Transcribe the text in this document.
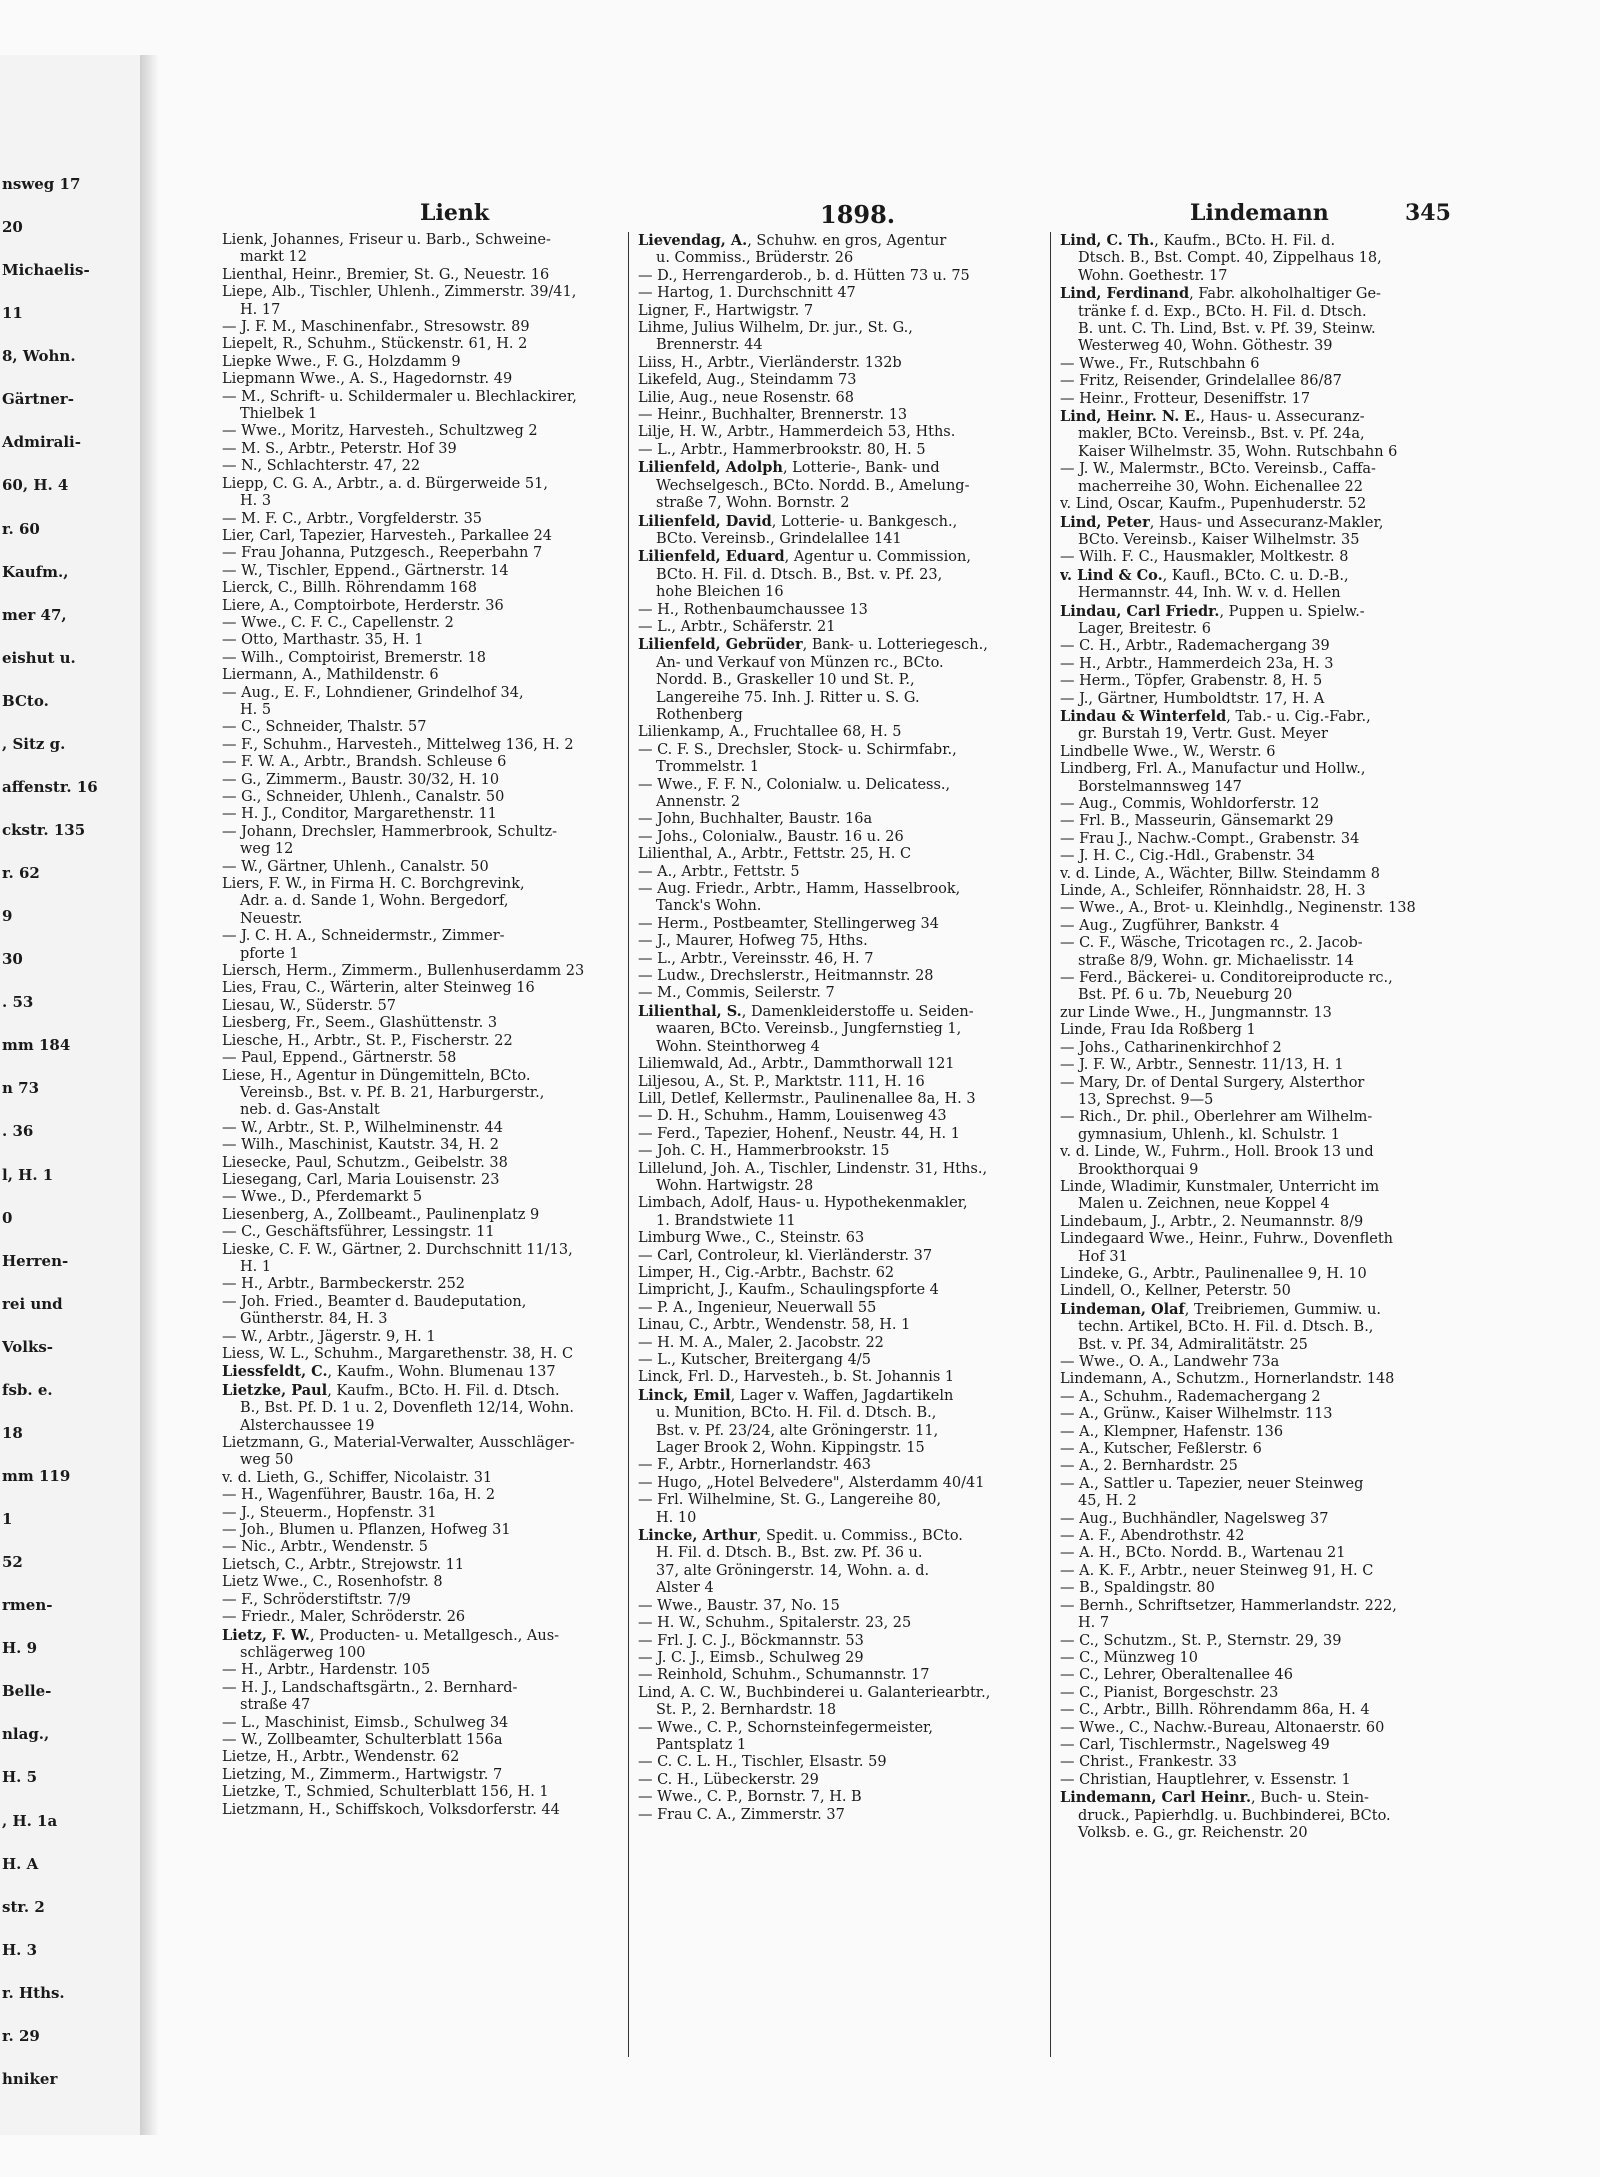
nsweg 17
20
Michaelis-
11
8, Wohn.
Gärtner-
Admirali-
60, H. 4
r. 60
Kaufm.,
mer 47,
eishut u.
BCto.
, Sitz g.
affenstr. 16
ckstr. 135
r. 62
9
30
. 53
mm 184
n 73
. 36
l, H. 1
0
Herren-
rei und
Volks-
fsb. e.
18
mm 119
1
52
rmen-
H. 9
Belle-
nlag.,
H. 5
, H. 1a
H. A
str. 2
H. 3
r. Hths.
r. 29
hniker
Lienk	1898.	Lindemann	345
Lienk, Johannes, Friseur u. Barb., Schweine-
markt 12
Lienthal, Heinr., Bremier, St. G., Neuestr. 16
Liepe, Alb., Tischler, Uhlenh., Zimmerstr. 39/41,
H. 17
— J. F. M., Maschinenfabr., Stresowstr. 89
Liepelt, R., Schuhm., Stückenstr. 61, H. 2
Liepke Wwe., F. G., Holzdamm 9
Liepmann Wwe., A. S., Hagedornstr. 49
— M., Schrift- u. Schildermaler u. Blechlackirer,
Thielbek 1
— Wwe., Moritz, Harvesteh., Schultzweg 2
— M. S., Arbtr., Peterstr. Hof 39
— N., Schlachterstr. 47, 22
Liepp, C. G. A., Arbtr., a. d. Bürgerweide 51,
H. 3
— M. F. C., Arbtr., Vorgfelderstr. 35
Lier, Carl, Tapezier, Harvesteh., Parkallee 24
— Frau Johanna, Putzgesch., Reeperbahn 7
— W., Tischler, Eppend., Gärtnerstr. 14
Lierck, C., Billh. Röhrendamm 168
Liere, A., Comptoirbote, Herderstr. 36
— Wwe., C. F. C., Capellenstr. 2
— Otto, Marthastr. 35, H. 1
— Wilh., Comptoirist, Bremerstr. 18
Liermann, A., Mathildenstr. 6
— Aug., E. F., Lohndiener, Grindelhof 34,
H. 5
— C., Schneider, Thalstr. 57
— F., Schuhm., Harvesteh., Mittelweg 136, H. 2
— F. W. A., Arbtr., Brandsh. Schleuse 6
— G., Zimmerm., Baustr. 30/32, H. 10
— G., Schneider, Uhlenh., Canalstr. 50
— H. J., Conditor, Margarethenstr. 11
— Johann, Drechsler, Hammerbrook, Schultz-
weg 12
— W., Gärtner, Uhlenh., Canalstr. 50
Liers, F. W., in Firma H. C. Borchgrevink,
Adr. a. d. Sande 1, Wohn. Bergedorf,
Neuestr.
— J. C. H. A., Schneidermstr., Zimmer-
pforte 1
Liersch, Herm., Zimmerm., Bullenhuserdamm 23
Lies, Frau, C., Wärterin, alter Steinweg 16
Liesau, W., Süderstr. 57
Liesberg, Fr., Seem., Glashüttenstr. 3
Liesche, H., Arbtr., St. P., Fischerstr. 22
— Paul, Eppend., Gärtnerstr. 58
Liese, H., Agentur in Düngemitteln, BCto.
Vereinsb., Bst. v. Pf. B. 21, Harburgerstr.,
neb. d. Gas-Anstalt
— W., Arbtr., St. P., Wilhelminenstr. 44
— Wilh., Maschinist, Kautstr. 34, H. 2
Liesecke, Paul, Schutzm., Geibelstr. 38
Liesegang, Carl, Maria Louisenstr. 23
— Wwe., D., Pferdemarkt 5
Liesenberg, A., Zollbeamt., Paulinenplatz 9
— C., Geschäftsführer, Lessingstr. 11
Lieske, C. F. W., Gärtner, 2. Durchschnitt 11/13,
H. 1
— H., Arbtr., Barmbeckerstr. 252
— Joh. Fried., Beamter d. Baudeputation,
Güntherstr. 84, H. 3
— W., Arbtr., Jägerstr. 9, H. 1
Liess, W. L., Schuhm., Margarethenstr. 38, H. C
Liessfeldt, C., Kaufm., Wohn. Blumenau 137
Lietzke, Paul, Kaufm., BCto. H. Fil. d. Dtsch.
B., Bst. Pf. D. 1 u. 2, Dovenfleth 12/14, Wohn.
Alsterchaussee 19
Lietzmann, G., Material-Verwalter, Ausschläger-
weg 50
v. d. Lieth, G., Schiffer, Nicolaistr. 31
— H., Wagenführer, Baustr. 16a, H. 2
— J., Steuerm., Hopfenstr. 31
— Joh., Blumen u. Pflanzen, Hofweg 31
— Nic., Arbtr., Wendenstr. 5
Lietsch, C., Arbtr., Strejowstr. 11
Lietz Wwe., C., Rosenhofstr. 8
— F., Schröderstiftstr. 7/9
— Friedr., Maler, Schröderstr. 26
Lietz, F. W., Producten- u. Metallgesch., Aus-
schlägerweg 100
— H., Arbtr., Hardenstr. 105
— H. J., Landschaftsgärtn., 2. Bernhard-
straße 47
— L., Maschinist, Eimsb., Schulweg 34
— W., Zollbeamter, Schulterblatt 156a
Lietze, H., Arbtr., Wendenstr. 62
Lietzing, M., Zimmerm., Hartwigstr. 7
Lietzke, T., Schmied, Schulterblatt 156, H. 1
Lietzmann, H., Schiffskoch, Volksdorferstr. 44
Lievendag, A., Schuhw. en gros, Agentur
u. Commiss., Brüderstr. 26
— D., Herrengarderob., b. d. Hütten 73 u. 75
— Hartog, 1. Durchschnitt 47
Ligner, F., Hartwigstr. 7
Lihme, Julius Wilhelm, Dr. jur., St. G.,
Brennerstr. 44
Liiss, H., Arbtr., Vierländerstr. 132b
Likefeld, Aug., Steindamm 73
Lilie, Aug., neue Rosenstr. 68
— Heinr., Buchhalter, Brennerstr. 13
Lilje, H. W., Arbtr., Hammerdeich 53, Hths.
— L., Arbtr., Hammerbrookstr. 80, H. 5
Lilienfeld, Adolph, Lotterie-, Bank- und
Wechselgesch., BCto. Nordd. B., Amelung-
straße 7, Wohn. Bornstr. 2
Lilienfeld, David, Lotterie- u. Bankgesch.,
BCto. Vereinsb., Grindelallee 141
Lilienfeld, Eduard, Agentur u. Commission,
BCto. H. Fil. d. Dtsch. B., Bst. v. Pf. 23,
hohe Bleichen 16
— H., Rothenbaumchaussee 13
— L., Arbtr., Schäferstr. 21
Lilienfeld, Gebrüder, Bank- u. Lotteriegesch.,
An- und Verkauf von Münzen rc., BCto.
Nordd. B., Graskeller 10 und St. P.,
Langereihe 75. Inh. J. Ritter u. S. G.
Rothenberg
Lilienkamp, A., Fruchtallee 68, H. 5
— C. F. S., Drechsler, Stock- u. Schirmfabr.,
Trommelstr. 1
— Wwe., F. F. N., Colonialw. u. Delicatess.,
Annenstr. 2
— John, Buchhalter, Baustr. 16a
— Johs., Colonialw., Baustr. 16 u. 26
Lilienthal, A., Arbtr., Fettstr. 25, H. C
— A., Arbtr., Fettstr. 5
— Aug. Friedr., Arbtr., Hamm, Hasselbrook,
Tanck's Wohn.
— Herm., Postbeamter, Stellingerweg 34
— J., Maurer, Hofweg 75, Hths.
— L., Arbtr., Vereinsstr. 46, H. 7
— Ludw., Drechslerstr., Heitmannstr. 28
— M., Commis, Seilerstr. 7
Lilienthal, S., Damenkleiderstoffe u. Seiden-
waaren, BCto. Vereinsb., Jungfernstieg 1,
Wohn. Steinthorweg 4
Liliemwald, Ad., Arbtr., Dammthorwall 121
Liljesou, A., St. P., Marktstr. 111, H. 16
Lill, Detlef, Kellermstr., Paulinenallee 8a, H. 3
— D. H., Schuhm., Hamm, Louisenweg 43
— Ferd., Tapezier, Hohenf., Neustr. 44, H. 1
— Joh. C. H., Hammerbrookstr. 15
Lillelund, Joh. A., Tischler, Lindenstr. 31, Hths.,
Wohn. Hartwigstr. 28
Limbach, Adolf, Haus- u. Hypothekenmakler,
1. Brandstwiete 11
Limburg Wwe., C., Steinstr. 63
— Carl, Controleur, kl. Vierländerstr. 37
Limper, H., Cig.-Arbtr., Bachstr. 62
Limpricht, J., Kaufm., Schaulingspforte 4
— P. A., Ingenieur, Neuerwall 55
Linau, C., Arbtr., Wendenstr. 58, H. 1
— H. M. A., Maler, 2. Jacobstr. 22
— L., Kutscher, Breitergang 4/5
Linck, Frl. D., Harvesteh., b. St. Johannis 1
Linck, Emil, Lager v. Waffen, Jagdartikeln
u. Munition, BCto. H. Fil. d. Dtsch. B.,
Bst. v. Pf. 23/24, alte Gröningerstr. 11,
Lager Brook 2, Wohn. Kippingstr. 15
— F., Arbtr., Hornerlandstr. 463
— Hugo, „Hotel Belvedere", Alsterdamm 40/41
— Frl. Wilhelmine, St. G., Langereihe 80,
H. 10
Lincke, Arthur, Spedit. u. Commiss., BCto.
H. Fil. d. Dtsch. B., Bst. zw. Pf. 36 u.
37, alte Gröningerstr. 14, Wohn. a. d.
Alster 4
— Wwe., Baustr. 37, No. 15
— H. W., Schuhm., Spitalerstr. 23, 25
— Frl. J. C. J., Böckmannstr. 53
— J. C. J., Eimsb., Schulweg 29
— Reinhold, Schuhm., Schumannstr. 17
Lind, A. C. W., Buchbinderei u. Galanteriearbtr.,
St. P., 2. Bernhardstr. 18
— Wwe., C. P., Schornsteinfegermeister,
Pantsplatz 1
— C. C. L. H., Tischler, Elsastr. 59
— C. H., Lübeckerstr. 29
— Wwe., C. P., Bornstr. 7, H. B
— Frau C. A., Zimmerstr. 37
Lind, C. Th., Kaufm., BCto. H. Fil. d.
Dtsch. B., Bst. Compt. 40, Zippelhaus 18,
Wohn. Goethestr. 17
Lind, Ferdinand, Fabr. alkoholhaltiger Ge-
tränke f. d. Exp., BCto. H. Fil. d. Dtsch.
B. unt. C. Th. Lind, Bst. v. Pf. 39, Steinw.
Westerweg 40, Wohn. Göthestr. 39
— Wwe., Fr., Rutschbahn 6
— Fritz, Reisender, Grindelallee 86/87
— Heinr., Frotteur, Deseniffstr. 17
Lind, Heinr. N. E., Haus- u. Assecuranz-
makler, BCto. Vereinsb., Bst. v. Pf. 24a,
Kaiser Wilhelmstr. 35, Wohn. Rutschbahn 6
— J. W., Malermstr., BCto. Vereinsb., Caffa-
macherreihe 30, Wohn. Eichenallee 22
v. Lind, Oscar, Kaufm., Pupenhuderstr. 52
Lind, Peter, Haus- und Assecuranz-Makler,
BCto. Vereinsb., Kaiser Wilhelmstr. 35
— Wilh. F. C., Hausmakler, Moltkestr. 8
v. Lind & Co., Kaufl., BCto. C. u. D.-B.,
Hermannstr. 44, Inh. W. v. d. Hellen
Lindau, Carl Friedr., Puppen u. Spielw.-
Lager, Breitestr. 6
— C. H., Arbtr., Rademachergang 39
— H., Arbtr., Hammerdeich 23a, H. 3
— Herm., Töpfer, Grabenstr. 8, H. 5
— J., Gärtner, Humboldtstr. 17, H. A
Lindau & Winterfeld, Tab.- u. Cig.-Fabr.,
gr. Burstah 19, Vertr. Gust. Meyer
Lindbelle Wwe., W., Werstr. 6
Lindberg, Frl. A., Manufactur und Hollw.,
Borstelmannsweg 147
— Aug., Commis, Wohldorferstr. 12
— Frl. B., Masseurin, Gänsemarkt 29
— Frau J., Nachw.-Compt., Grabenstr. 34
— J. H. C., Cig.-Hdl., Grabenstr. 34
v. d. Linde, A., Wächter, Billw. Steindamm 8
Linde, A., Schleifer, Rönnhaidstr. 28, H. 3
— Wwe., A., Brot- u. Kleinhdlg., Neginenstr. 138
— Aug., Zugführer, Bankstr. 4
— C. F., Wäsche, Tricotagen rc., 2. Jacob-
straße 8/9, Wohn. gr. Michaelisstr. 14
— Ferd., Bäckerei- u. Conditoreiproducte rc.,
Bst. Pf. 6 u. 7b, Neueburg 20
zur Linde Wwe., H., Jungmannstr. 13
Linde, Frau Ida Roßberg 1
— Johs., Catharinenkirchhof 2
— J. F. W., Arbtr., Sennestr. 11/13, H. 1
— Mary, Dr. of Dental Surgery, Alsterthor
13, Sprechst. 9—5
— Rich., Dr. phil., Oberlehrer am Wilhelm-
gymnasium, Uhlenh., kl. Schulstr. 1
v. d. Linde, W., Fuhrm., Holl. Brook 13 und
Brookthorquai 9
Linde, Wladimir, Kunstmaler, Unterricht im
Malen u. Zeichnen, neue Koppel 4
Lindebaum, J., Arbtr., 2. Neumannstr. 8/9
Lindegaard Wwe., Heinr., Fuhrw., Dovenfleth
Hof 31
Lindeke, G., Arbtr., Paulinenallee 9, H. 10
Lindell, O., Kellner, Peterstr. 50
Lindeman, Olaf, Treibriemen, Gummiw. u.
techn. Artikel, BCto. H. Fil. d. Dtsch. B.,
Bst. v. Pf. 34, Admiralitätstr. 25
— Wwe., O. A., Landwehr 73a
Lindemann, A., Schutzm., Hornerlandstr. 148
— A., Schuhm., Rademachergang 2
— A., Grünw., Kaiser Wilhelmstr. 113
— A., Klempner, Hafenstr. 136
— A., Kutscher, Feßlerstr. 6
— A., 2. Bernhardstr. 25
— A., Sattler u. Tapezier, neuer Steinweg
45, H. 2
— Aug., Buchhändler, Nagelsweg 37
— A. F., Abendrothstr. 42
— A. H., BCto. Nordd. B., Wartenau 21
— A. K. F., Arbtr., neuer Steinweg 91, H. C
— B., Spaldingstr. 80
— Bernh., Schriftsetzer, Hammerlandstr. 222,
H. 7
— C., Schutzm., St. P., Sternstr. 29, 39
— C., Münzweg 10
— C., Lehrer, Oberaltenallee 46
— C., Pianist, Borgeschstr. 23
— C., Arbtr., Billh. Röhrendamm 86a, H. 4
— Wwe., C., Nachw.-Bureau, Altonaerstr. 60
— Carl, Tischlermstr., Nagelsweg 49
— Christ., Frankestr. 33
— Christian, Hauptlehrer, v. Essenstr. 1
Lindemann, Carl Heinr., Buch- u. Stein-
druck., Papierhdlg. u. Buchbinderei, BCto.
Volksb. e. G., gr. Reichenstr. 20
